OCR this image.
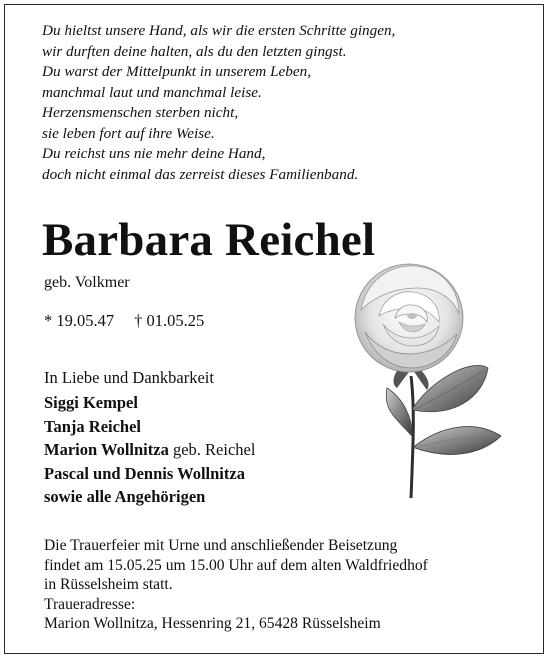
Du hieltst unsere Hand, als wir die ersten Schritte gingen,
wir durften deine halten, als du den letzten gingst.
Du warst der Mittelpunkt in unserem Leben,
manchmal laut und manchmal leise.
Herzensmenschen sterben nicht,
sie leben fort auf ihre Weise.
Du reichst uns nie mehr deine Hand,
doch nicht einmal das zerreist dieses Familienband.
Barbara Reichel
geb. Volkmer
* 19.05.47 † 01.05.25
In Liebe und Dankbarkeit
Siggi Kempel
Tanja Reichel
Marion Wollnitza geb. Reichel
Pascal und Dennis Wollnitza
sowie alle Angehörigen
Die Trauerfeier mit Urne und anschließender Beisetzung
findet am 15.05.25 um 15.00 Uhr auf dem alten Waldfriedhof
in Rüsselsheim statt.
Traueradresse:
Marion Wollnitza, Hessenring 21, 65428 Rüsselsheim
